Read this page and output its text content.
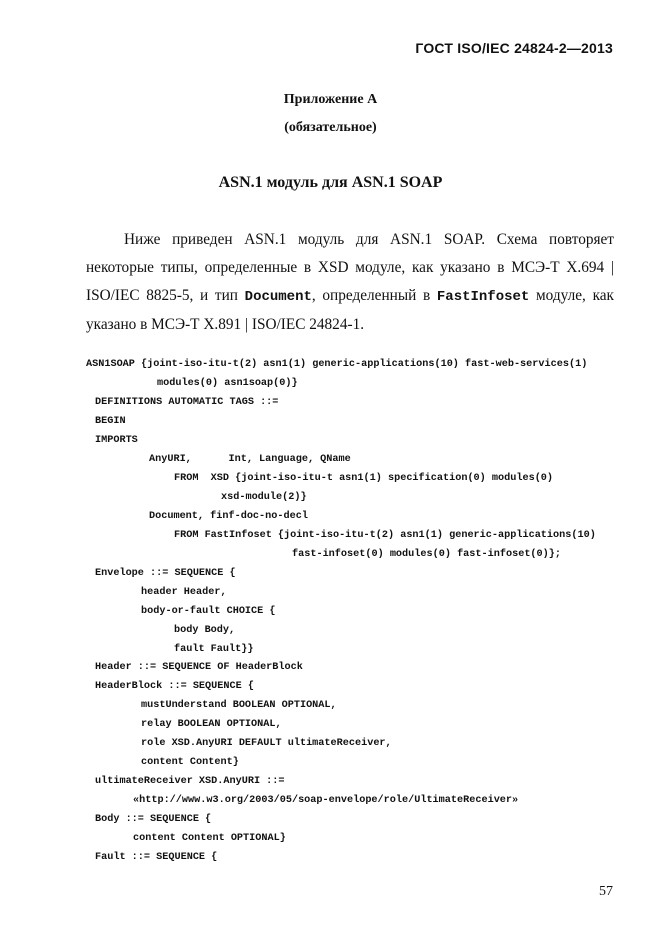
ГОСТ ISO/IEC 24824-2—2013
Приложение А
(обязательное)
ASN.1 модуль для ASN.1 SOAP
Ниже приведен ASN.1 модуль для ASN.1 SOAP. Схема повторяет
некоторые типы, определенные в XSD модуле, как указано в МСЭ-Т Х.694 |
ISO/IEC 8825-5, и тип Document, определенный в FastInfoset модуле, как
указано в МСЭ-Т Х.891 | ISO/IEC 24824-1.
ASN1SOAP {joint-iso-itu-t(2) asn1(1) generic-applications(10) fast-web-services(1)
modules(0) asn1soap(0)}
DEFINITIONS AUTOMATIC TAGS ::=
BEGIN
IMPORTS
AnyURI,      Int, Language, QName
FROM  XSD {joint-iso-itu-t asn1(1) specification(0) modules(0)
xsd-module(2)}
Document, finf-doc-no-decl
FROM FastInfoset {joint-iso-itu-t(2) asn1(1) generic-applications(10)
fast-infoset(0) modules(0) fast-infoset(0)};
Envelope ::= SEQUENCE {
header Header,
body-or-fault CHOICE {
body Body,
fault Fault}}
Header ::= SEQUENCE OF HeaderBlock
HeaderBlock ::= SEQUENCE {
mustUnderstand BOOLEAN OPTIONAL,
relay BOOLEAN OPTIONAL,
role XSD.AnyURI DEFAULT ultimateReceiver,
content Content}
ultimateReceiver XSD.AnyURI ::=
«http://www.w3.org/2003/05/soap-envelope/role/UltimateReceiver»
Body ::= SEQUENCE {
content Content OPTIONAL}
Fault ::= SEQUENCE {
57
